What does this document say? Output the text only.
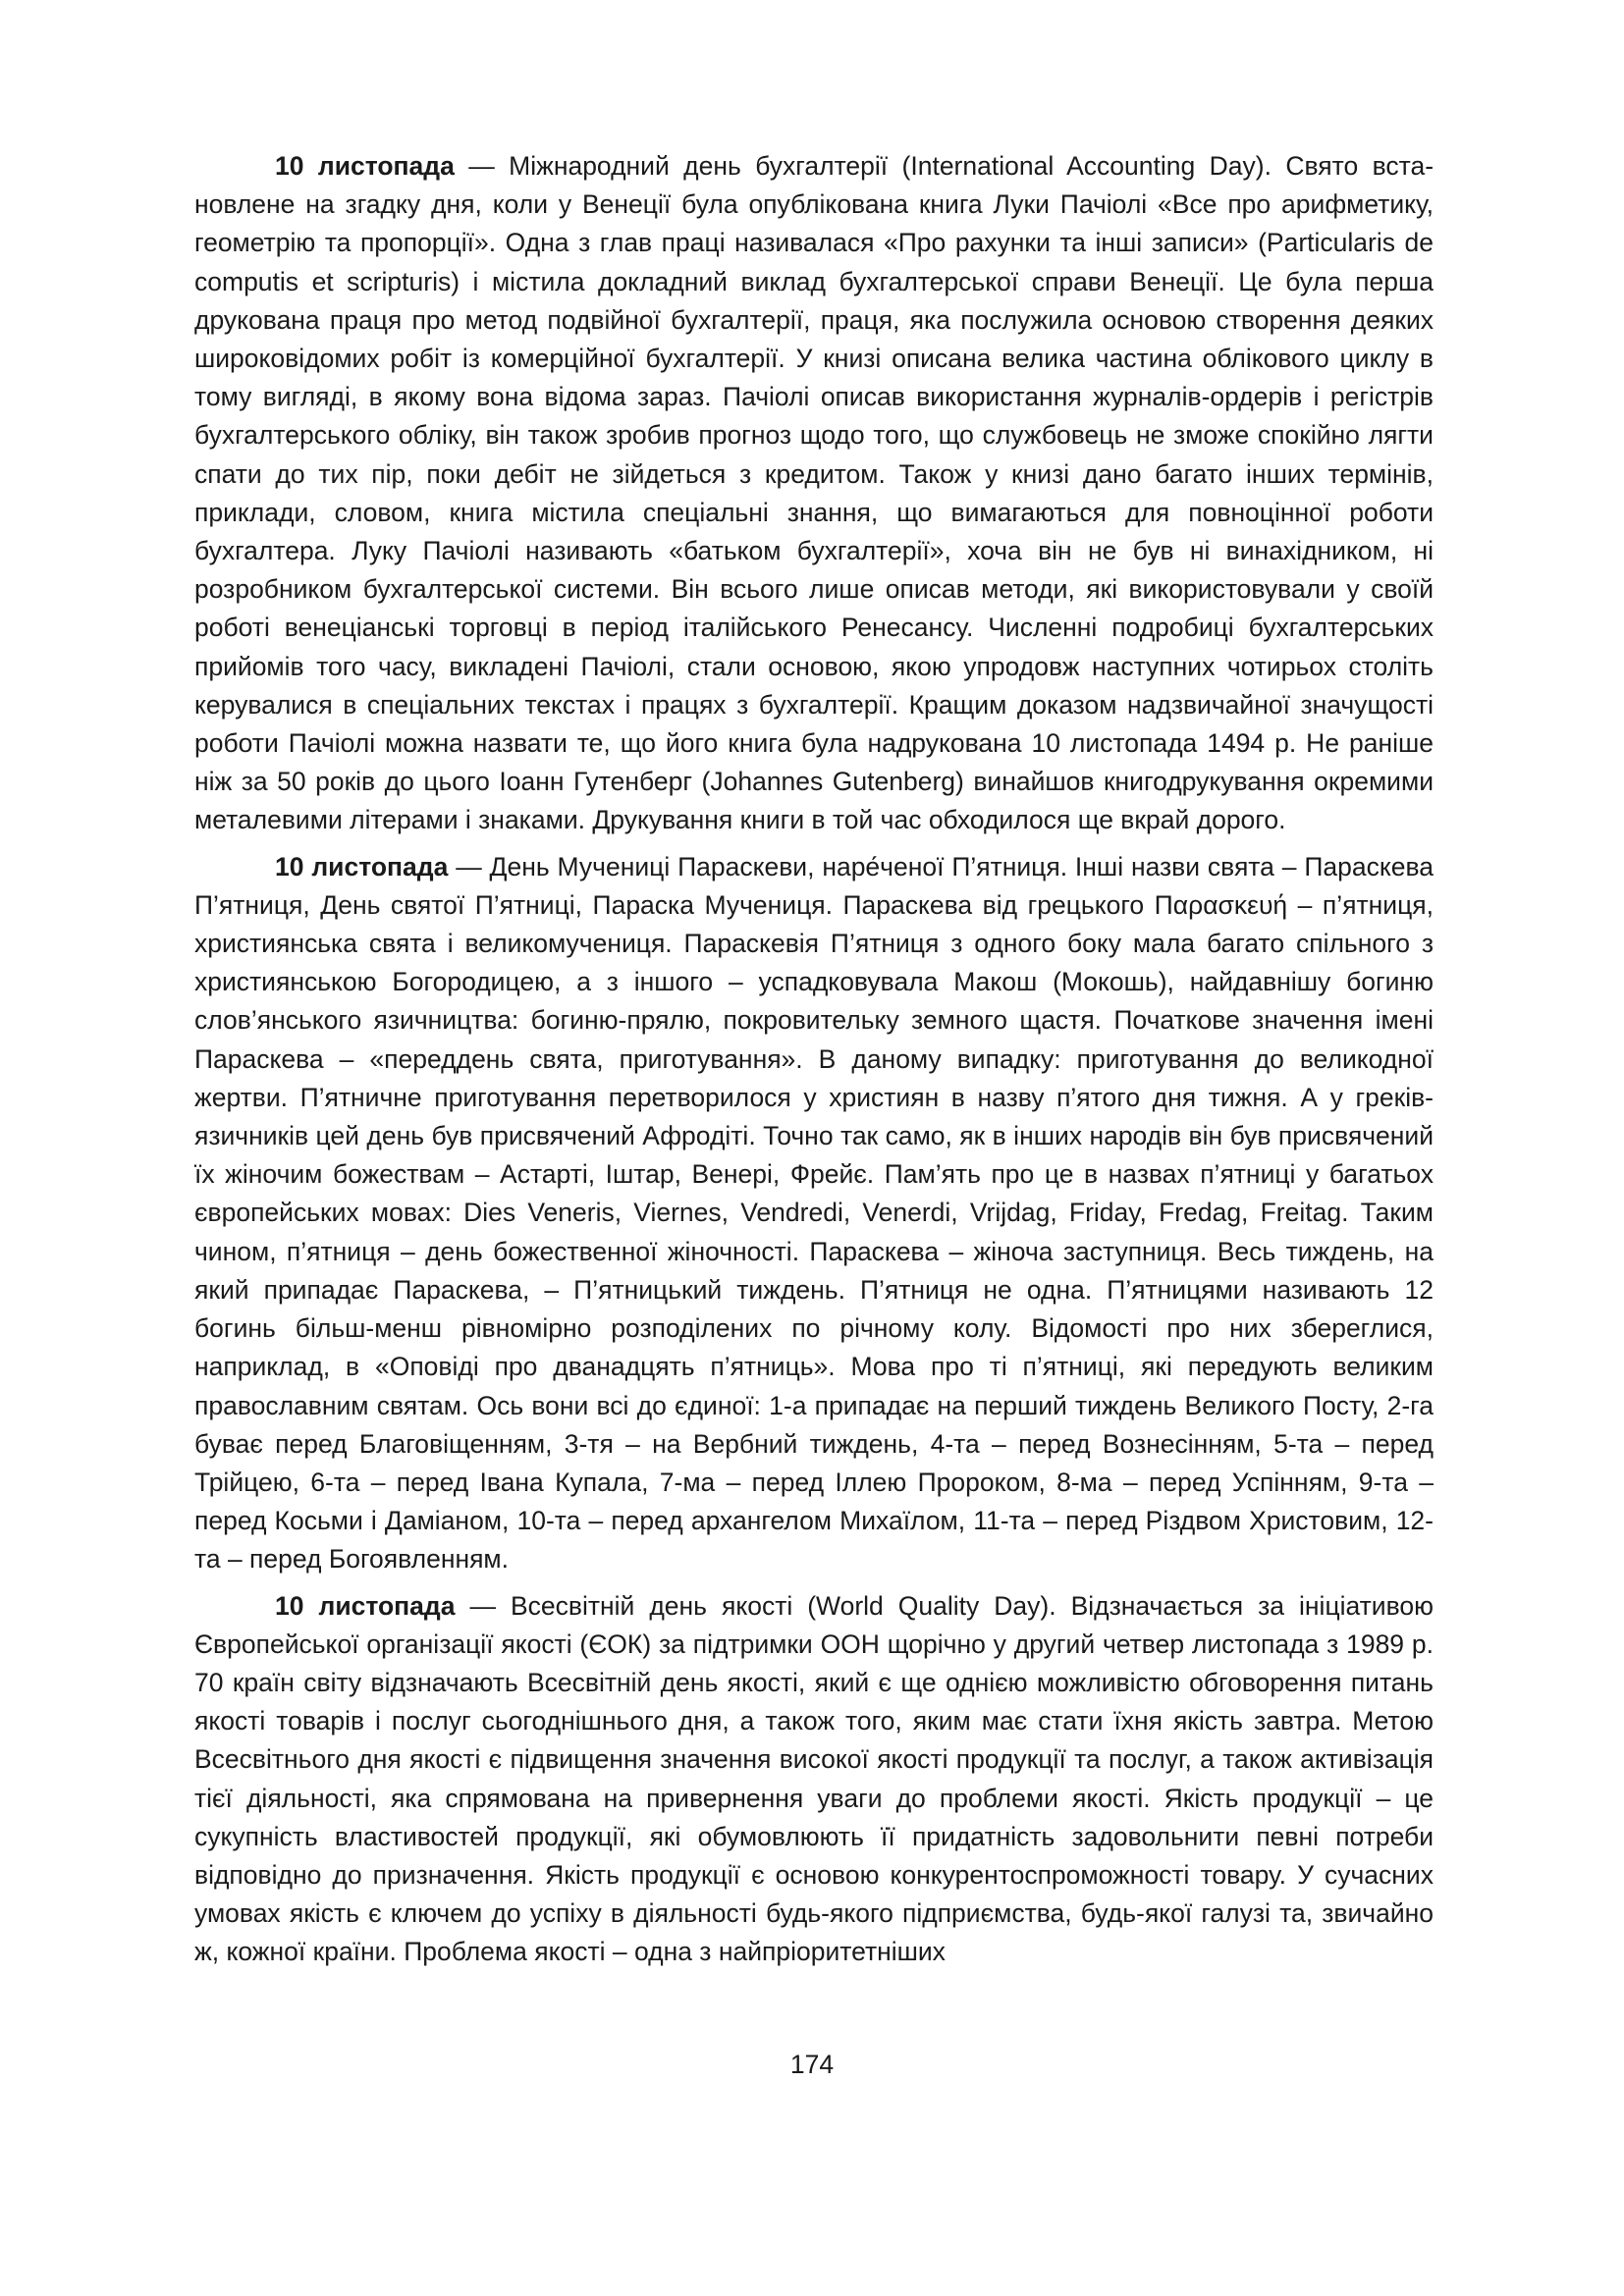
10 листопада — Міжнародний день бухгалтерії (International Accounting Day). Свято встановлене на згадку дня, коли у Венеції була опублікована книга Луки Пачіолі «Все про арифметику, геометрію та пропорції». Одна з глав праці називалася «Про рахунки та інші записи» (Particularis de computis et scripturis) і містила докладний виклад бухгалтерської справи Венеції. Це була перша друкована праця про метод подвійної бухгалтерії, праця, яка послужила основою створення деяких широковідомих робіт із комерційної бухгалтерії. У книзі описана велика частина облікового циклу в тому вигляді, в якому вона відома зараз. Пачіолі описав використання журналів-ордерів і регістрів бухгалтерського обліку, він також зробив прогноз щодо того, що службовець не зможе спокійно лягти спати до тих пір, поки дебіт не зійдеться з кредитом. Також у книзі дано багато інших термінів, приклади, словом, книга містила спеціальні знання, що вимагаються для повноцінної роботи бухгалтера. Луку Пачіолі називають «батьком бухгалтерії», хоча він не був ні винахідником, ні розробником бухгалтерської системи. Він всього лише описав методи, які використовували у своїй роботі венеціанські торговці в період італійського Ренесансу. Численні подробиці бухгалтерських прийомів того часу, викладені Пачіолі, стали основою, якою упродовж наступних чотирьох століть керувалися в спеціальних текстах і працях з бухгалтерії. Кращим доказом надзвичайної значущості роботи Пачіолі можна назвати те, що його книга була надрукована 10 листопада 1494 р. Не раніше ніж за 50 років до цього Іоанн Гутенберг (Johannes Gutenberg) винайшов книгодрукування окремими металевими літерами і знаками. Друкування книги в той час обходилося ще вкрай дорого.

10 листопада — День Мучениці Параскеви, наре́ченої П’ятниця. Інші назви свята – Параскева П’ятниця, День святої П’ятниці, Параска Мучениця. Параскева від грецького Παρασκευή – п’ятниця, християнська свята і великомучениця. Параскевія П’ятниця з одного боку мала багато спільного з християнською Богородицею, а з іншого – успадковувала Макош (Мокошь), найдавнішу богиню слов’янського язичництва: богиню-прялю, покровительку земного щастя. Початкове значення імені Параскева – «переддень свята, приготування». В даному випадку: приготування до великодної жертви. П’ятничне приготування перетворилося у християн в назву п’ятого дня тижня. А у греків-язичників цей день був присвячений Афродіті. Точно так само, як в інших народів він був присвячений їх жіночим божествам – Астарті, Іштар, Венері, Фрейє. Пам’ять про це в назвах п’ятниці у багатьох європейських мовах: Dies Veneris, Viernes, Vendredi, Venerdi, Vrijdag, Friday, Fredag, Freitag. Таким чином, п’ятниця – день божественної жіночності. Параскева – жіноча заступниця. Весь тиждень, на який припадає Параскева, – П’ятницький тиждень. П’ятниця не одна. П’ятницями називають 12 богинь більш-менш рівномірно розподілених по річному колу. Відомості про них збереглися, наприклад, в «Оповіді про дванадцять п’ятниць». Мова про ті п’ятниці, які передують великим православним святам. Ось вони всі до єдиної: 1-а припадає на перший тиждень Великого Посту, 2-га буває перед Благовіщенням, 3-тя – на Вербний тиждень, 4-та – перед Вознесінням, 5-та – перед Трійцею, 6-та – перед Івана Купала, 7-ма – перед Іллею Пророком, 8-ма – перед Успінням, 9-та – перед Косьми і Даміаном, 10-та – перед архангелом Михаїлом, 11-та – перед Різдвом Христовим, 12-та – перед Богоявленням.

10 листопада — Всесвітній день якості (World Quality Day). Відзначається за ініціативою Європейської організації якості (ЄОК) за підтримки ООН щорічно у другий четвер листопада з 1989 р. 70 країн світу відзначають Всесвітній день якості, який є ще однією можливістю обговорення питань якості товарів і послуг сьогоднішнього дня, а також того, яким має стати їхня якість завтра. Метою Всесвітнього дня якості є підвищення значення високої якості продукції та послуг, а також активізація тієї діяльності, яка спрямована на привернення уваги до проблеми якості. Якість продукції – це сукупність властивостей продукції, які обумовлюють її придатність задовольнити певні потреби відповідно до призначення. Якість продукції є основою конкурентоспроможності товару. У сучасних умовах якість є ключем до успіху в діяльності будь-якого підприємства, будь-якої галузі та, звичайно ж, кожної країни. Проблема якості – одна з найпріоритетніших

174
